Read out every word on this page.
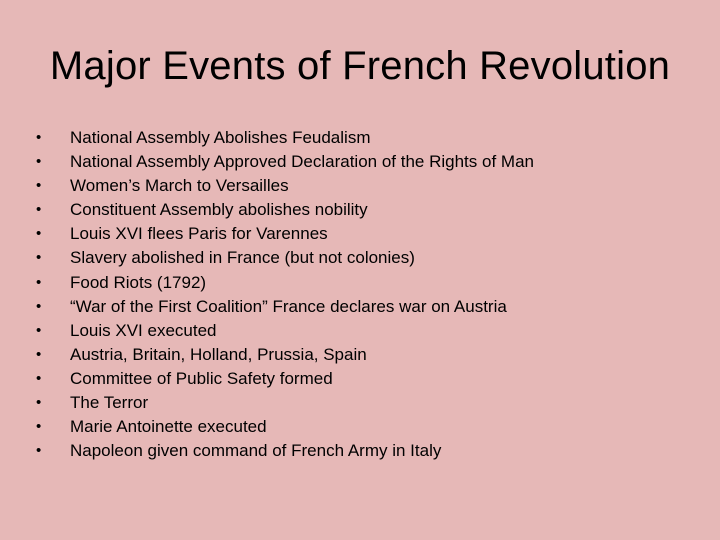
Major Events of French Revolution
•	National Assembly Abolishes Feudalism
•	National Assembly Approved Declaration of the Rights of Man
•	Women’s March to Versailles
•	Constituent Assembly abolishes nobility
•	Louis XVI flees Paris for Varennes
•	Slavery abolished in France (but not colonies)
•	Food Riots (1792)
•	“War of the First Coalition” France declares war on Austria
•	Louis XVI executed
•	Austria, Britain, Holland, Prussia, Spain
•	Committee of Public Safety formed
•	The Terror
•	Marie Antoinette executed
•	Napoleon given command of French Army in Italy
